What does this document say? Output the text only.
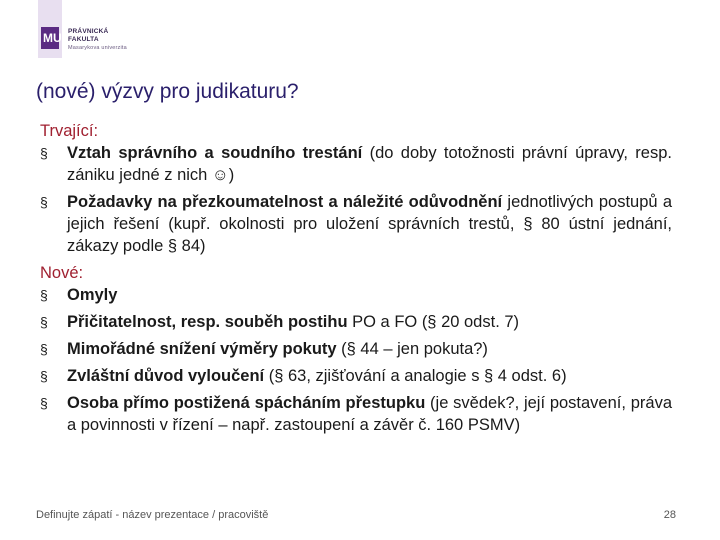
MU PRÁVNICKÁ
FAKULTA
Masarykova univerzita
(nové) výzvy pro judikaturu?

Trvající:

§ Vztah správního a soudního trestání (do doby totožnosti právní úpravy, resp. zániku jedné z nich ☺)
§ Požadavky na přezkoumatelnost a náležité odůvodnění jednotlivých postupů a jejich řešení (kupř. okolnosti pro uložení správních trestů, § 80 ústní jednání, zákazy podle § 84)

Nové:

§ Omyly
§ Přičitatelnost, resp. souběh postihu PO a FO (§ 20 odst. 7)
§ Mimořádné snížení výměry pokuty (§ 44 – jen pokuta?)
§ Zvláštní důvod vyloučení (§ 63, zjišťování a analogie s § 4 odst. 6)
§ Osoba přímo postižená spácháním přestupku (je svědek?, její postavení, práva a povinnosti v řízení – např. zastoupení a závěr č. 160 PSMV)
Definujte zápatí - název prezentace / pracoviště	28
